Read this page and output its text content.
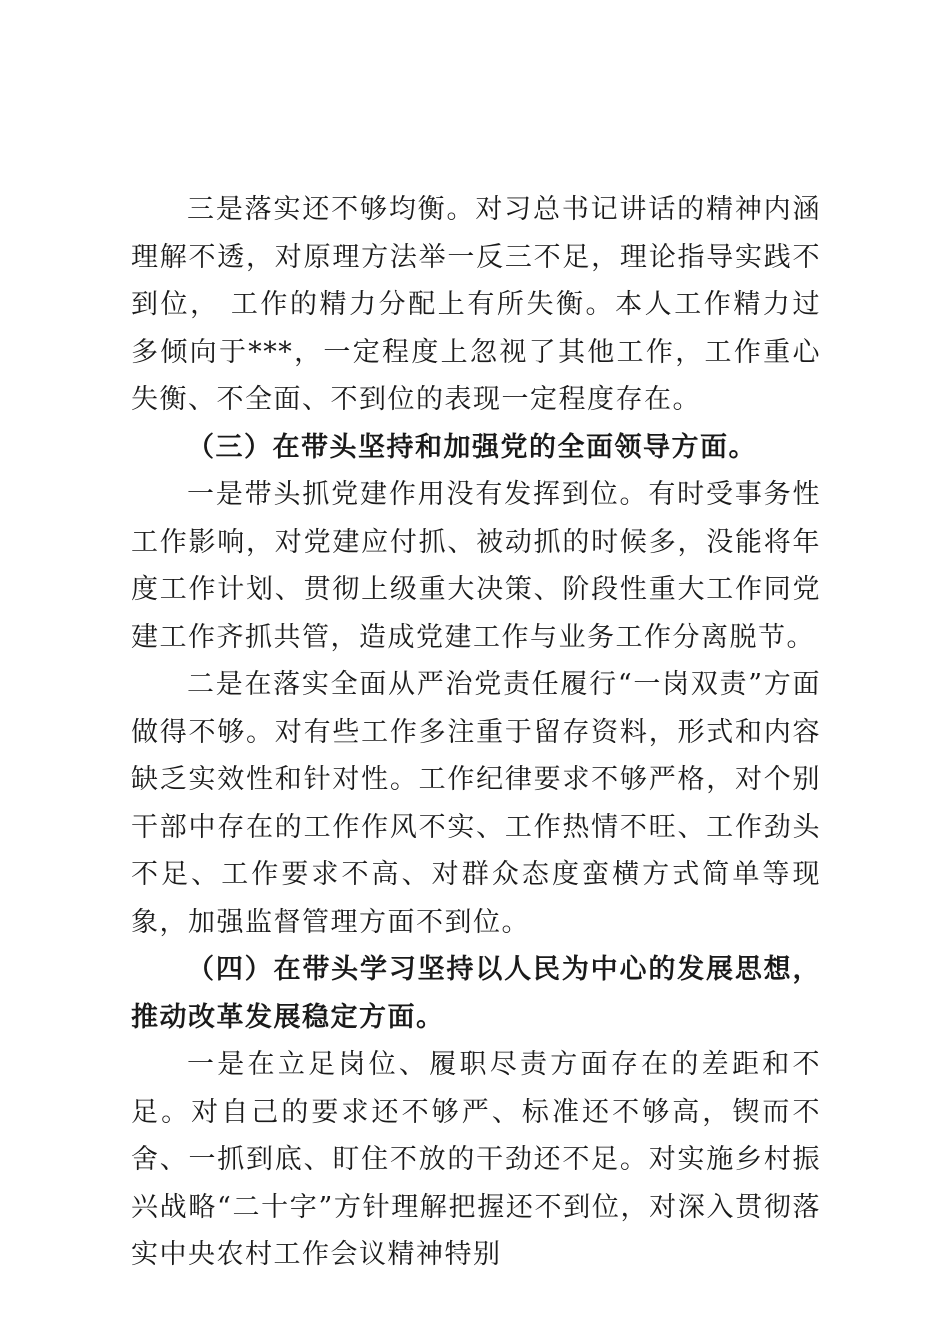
三是落实还不够均衡。对习总书记讲话的精神内涵理解不透，对原理方法举一反三不足，理论指导实践不到位， 工作的精力分配上有所失衡。本人工作精力过多倾向于***，一定程度上忽视了其他工作，工作重心失衡、不全面、不到位的表现一定程度存在。

（三）在带头坚持和加强党的全面领导方面。

一是带头抓党建作用没有发挥到位。有时受事务性工作影响，对党建应付抓、被动抓的时候多，没能将年度工作计划、贯彻上级重大决策、阶段性重大工作同党建工作齐抓共管，造成党建工作与业务工作分离脱节。

二是在落实全面从严治党责任履行“一岗双责”方面做得不够。对有些工作多注重于留存资料，形式和内容缺乏实效性和针对性。工作纪律要求不够严格，对个别干部中存在的工作作风不实、工作热情不旺、工作劲头不足、工作要求不高、对群众态度蛮横方式简单等现象，加强监督管理方面不到位。

（四）在带头学习坚持以人民为中心的发展思想，推动改革发展稳定方面。

一是在立足岗位、履职尽责方面存在的差距和不足。对自己的要求还不够严、标准还不够高，锲而不舍、一抓到底、盯住不放的干劲还不足。对实施乡村振兴战略“二十字”方针理解把握还不到位，对深入贯彻落实中央农村工作会议精神特别
